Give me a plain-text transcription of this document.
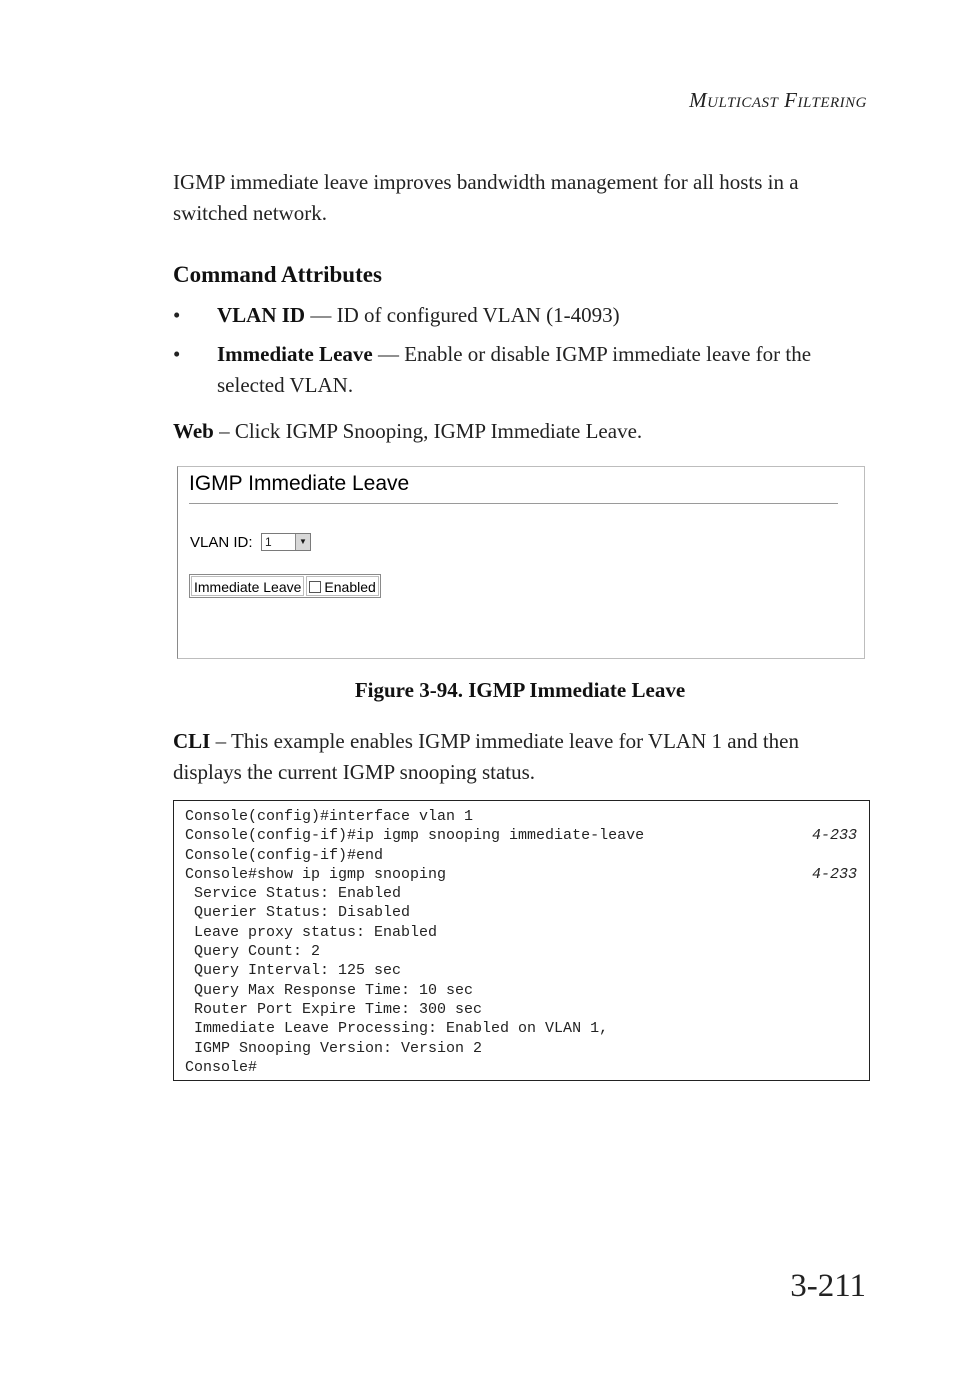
Multicast Filtering
IGMP immediate leave improves bandwidth management for all hosts in a switched network.
Command Attributes
• VLAN ID — ID of configured VLAN (1-4093)
• Immediate Leave — Enable or disable IGMP immediate leave for the selected VLAN.
Web – Click IGMP Snooping, IGMP Immediate Leave.
IGMP Immediate Leave
VLAN ID: 1	▼
Immediate Leave	Enabled
Figure 3-94. IGMP Immediate Leave
CLI – This example enables IGMP immediate leave for VLAN 1 and then displays the current IGMP snooping status.
Console(config)#interface vlan 1
Console(config-if)#ip igmp snooping immediate-leave	4-233
Console(config-if)#end
Console#show ip igmp snooping	4-233
Service Status: Enabled
Querier Status: Disabled
Leave proxy status: Enabled
Query Count: 2
Query Interval: 125 sec
Query Max Response Time: 10 sec
Router Port Expire Time: 300 sec
Immediate Leave Processing: Enabled on VLAN 1,
IGMP Snooping Version: Version 2
Console#
3-211
